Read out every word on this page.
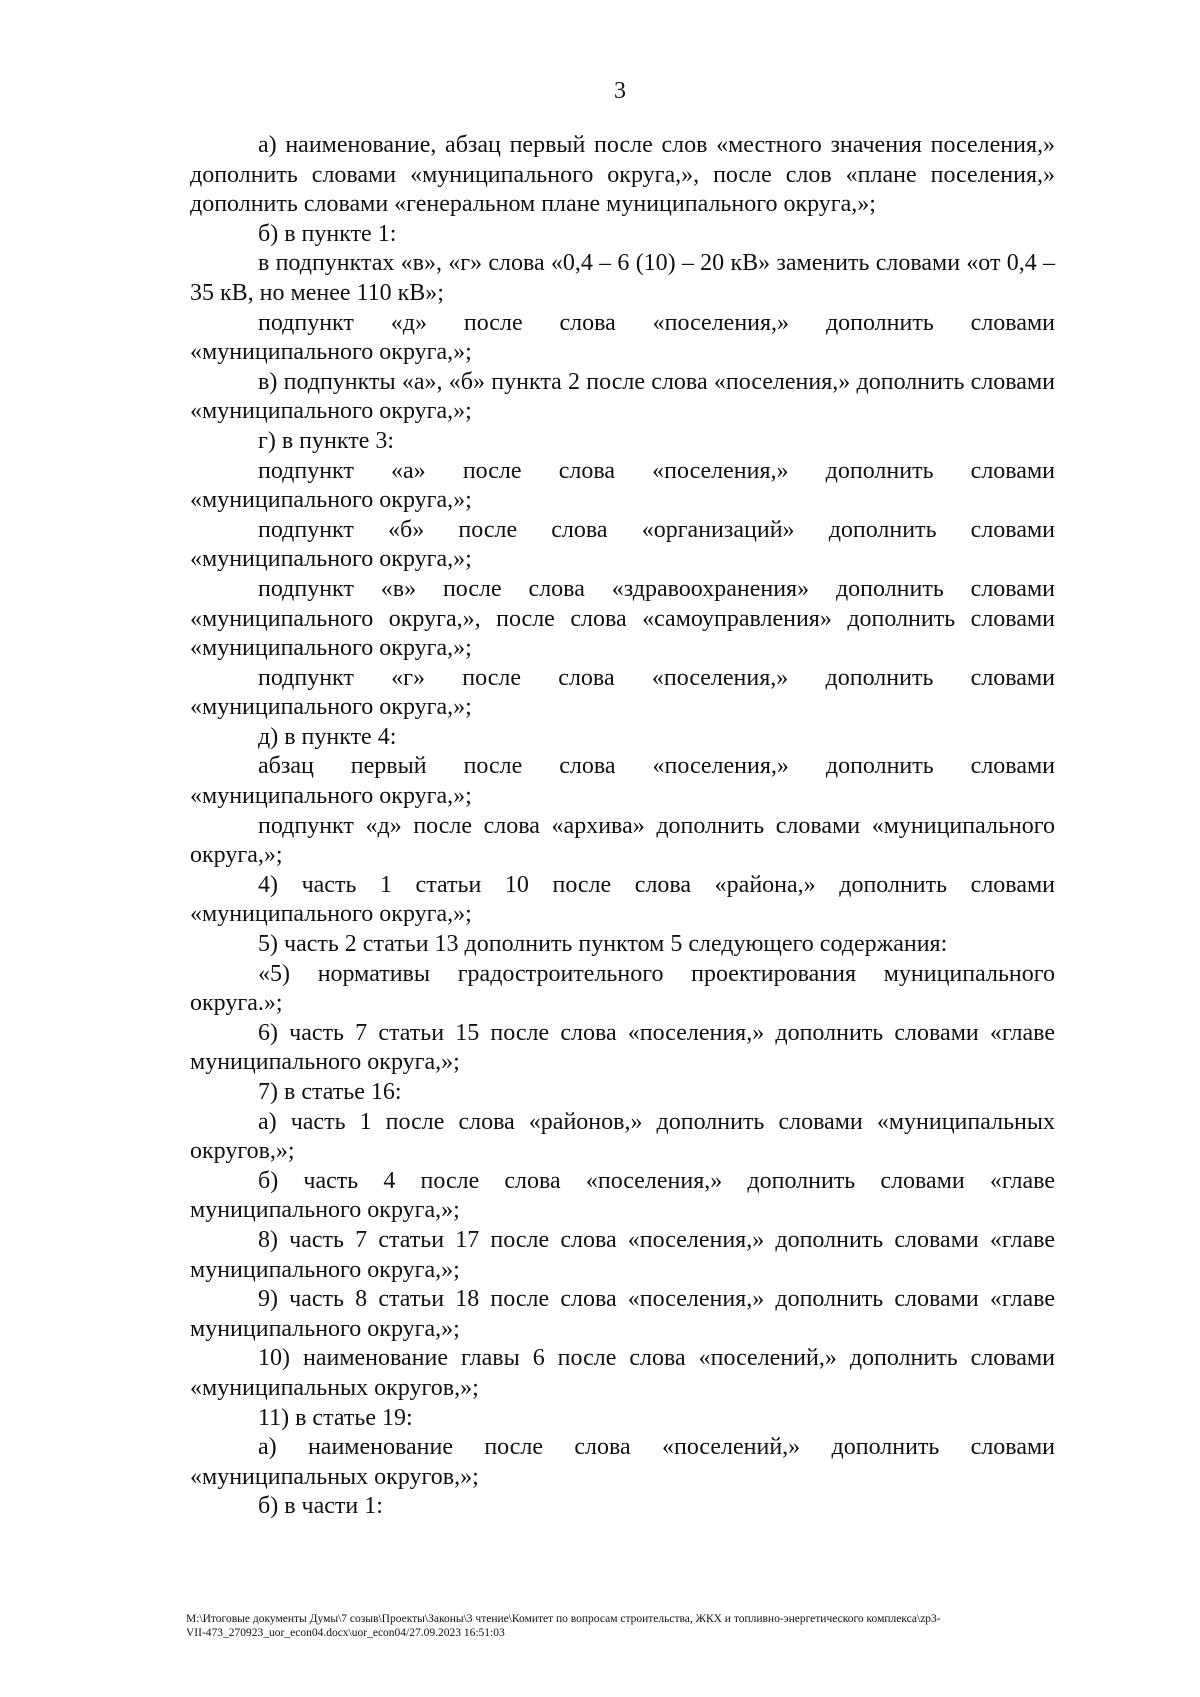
3

а) наименование, абзац первый после слов «местного значения поселения,» дополнить словами «муниципального округа,», после слов «плане поселения,» дополнить словами «генеральном плане муниципального округа,»;

б) в пункте 1:

в подпунктах «в», «г» слова «0,4 – 6 (10) – 20 кВ» заменить словами «от 0,4 – 35 кВ, но менее 110 кВ»;

подпункт «д» после слова «поселения,» дополнить словами «муниципального округа,»;

в) подпункты «а», «б» пункта 2 после слова «поселения,» дополнить словами «муниципального округа,»;

г) в пункте 3:

подпункт «а» после слова «поселения,» дополнить словами «муниципального округа,»;

подпункт «б» после слова «организаций» дополнить словами «муниципального округа,»;

подпункт «в» после слова «здравоохранения» дополнить словами «муниципального округа,», после слова «самоуправления» дополнить словами «муниципального округа,»;

подпункт «г» после слова «поселения,» дополнить словами «муниципального округа,»;

д) в пункте 4:

абзац первый после слова «поселения,» дополнить словами «муниципального округа,»;

подпункт «д» после слова «архива» дополнить словами «муниципального округа,»;

4) часть 1 статьи 10 после слова «района,» дополнить словами «муниципального округа,»;

5) часть 2 статьи 13 дополнить пунктом 5 следующего содержания:

«5) нормативы градостроительного проектирования муниципального округа.»;

6) часть 7 статьи 15 после слова «поселения,» дополнить словами «главе муниципального округа,»;

7) в статье 16:

а) часть 1 после слова «районов,» дополнить словами «муниципальных округов,»;

б) часть 4 после слова «поселения,» дополнить словами «главе муниципального округа,»;

8) часть 7 статьи 17 после слова «поселения,» дополнить словами «главе муниципального округа,»;

9) часть 8 статьи 18 после слова «поселения,» дополнить словами «главе муниципального округа,»;

10) наименование главы 6 после слова «поселений,» дополнить словами «муниципальных округов,»;

11) в статье 19:

а) наименование после слова «поселений,» дополнить словами «муниципальных округов,»;

б) в части 1:

M:\Итоговые документы Думы\7 созыв\Проекты\Законы\3 чтение\Комитет по вопросам строительства, ЖКХ и топливно-энергетического комплекса\zp3-

VII-473_270923_uor_econ04.docx\uor_econ04/27.09.2023 16:51:03
